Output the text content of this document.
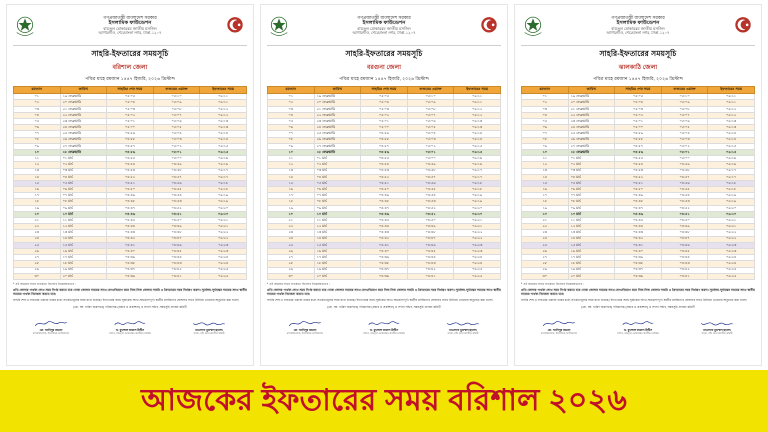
গণপ্রজাতন্ত্রী বাংলাদেশ সরকার
ইসলামিক ফাউন্ডেশন
বায়তুল মোকাররম জাতীয় মসজিদ
আগারগাঁও, শেরেবাংলা নগর, ঢাকা-১২০৭
সাহরি-ইফতারের সময়সূচি
বরিশাল জেলা
পবিত্র মাহে রমজান ১৪৪৭ হিজরি, ২০২৬ খ্রিস্টাব্দ
রমজান	তারিখ	সাহরির শেষ সময়	ফজরের ওয়াক্ত	ইফতারের সময়
০১	১৯ ফেব্রুয়ারি	০৫:০৫	০৫:১০	০৬:১১
০২	২০ ফেব্রুয়ারি	০৫:০৪	০৫:০৯	০৬:১১
০৩	২১ ফেব্রুয়ারি	০৫:০৩	০৫:০৮	০৬:১২
০৪	২২ ফেব্রুয়ারি	০৫:০২	০৫:০৭	০৬:১২
০৫	২৩ ফেব্রুয়ারি	০৫:০১	০৫:০৬	০৬:১৩
০৬	২৪ ফেব্রুয়ারি	০৫:০০	০৫:০৫	০৬:১৩
০৭	২৫ ফেব্রুয়ারি	০৪:৫৯	০৫:০৪	০৬:১৪
০৮	২৬ ফেব্রুয়ারি	০৪:৫৮	০৫:০৩	০৬:১৪
০৯	২৭ ফেব্রুয়ারি	০৪:৫৭	০৫:০২	০৬:১৫
১০	২৮ ফেব্রুয়ারি	০৪:৫৬	০৫:০১	০৬:১৫
১১	০১ মার্চ	০৪:৫৫	০৫:০০	০৬:১৬
১২	০২ মার্চ	০৪:৫৪	০৪:৫৯	০৬:১৬
১৩	০৩ মার্চ	০৪:৫৩	০৪:৫৮	০৬:১৭
১৪	০৪ মার্চ	০৪:৫২	০৪:৫৭	০৬:১৭
১৫	০৫ মার্চ	০৪:৫১	০৪:৫৬	০৬:১৮
১৬	০৬ মার্চ	০৪:৫০	০৪:৫৫	০৬:১৮
১৭	০৭ মার্চ	০৪:৪৯	০৪:৫৪	০৬:১৯
১৮	০৮ মার্চ	০৪:৪৮	০৪:৫৩	০৬:১৯
১৯	০৯ মার্চ	০৪:৪৭	০৪:৫২	০৬:২০
২০	১০ মার্চ	০৪:৪৬	০৪:৫১	০৬:২০
২১	১১ মার্চ	০৪:৪৫	০৪:৫০	০৬:২১
২২	১২ মার্চ	০৪:৪৪	০৪:৪৯	০৬:২১
২৩	১৩ মার্চ	০৪:৪৩	০৪:৪৮	০৬:২২
২৪	১৪ মার্চ	০৪:৪২	০৪:৪৭	০৬:২২
২৫	১৫ মার্চ	০৪:৪১	০৪:৪৬	০৬:২৩
২৬	১৬ মার্চ	০৪:৪০	০৪:৪৫	০৬:২৩
২৭	১৭ মার্চ	০৪:৩৯	০৪:৪৪	০৬:২৪
২৮	১৮ মার্চ	০৪:৩৮	০৪:৪৩	০৬:২৪
২৯	১৯ মার্চ	০৪:৩৭	০৪:৪২	০৬:২৫
৩০	২০ মার্চ	০৪:৩৬	০৪:৪১	০৬:২৫
* এই সময়ের সাথে সতর্কতা হিসেবে নিম্নোক্তভাবে :
প্রতি জেলার পার্থক্য দেখে সময় নির্ণয় করতে হবে। ঢাকা জেলার সময়ের সাথে যোগ/বিয়োগ করে নিজ নিজ জেলার সাহরি ও ইফতারের সময় নির্ধারণ করুন। সূর্যোদয়-সূর্যাস্তের সময়ের সাথে স্থানীয় সময়ের পার্থক্য বিবেচনা করতে হবে।
সাহরি শেষ ও ফজরের ওয়াক্ত শুরুর মধ্যে সতর্কতামূলক সময় রাখা হয়েছে। ইফতারের সময় সূর্যাস্তের সাথে সামঞ্জস্যপূর্ণ। স্থানীয় মসজিদের ঘোষণার সাথে মিলিয়ে নেওয়ার অনুরোধ করা হলো।
(মো. আ. হামিদ জমাদ্দার) পরিচালক (প্রচার ও প্রকাশনা) ও সদস্য সচিব, সময়সূচি প্রণয়ন কমিটি
মো. আনিসুর রহমান
মহাপরিচালক, ইসলামিক ফাউন্ডেশন
ড. মুহাম্মাদ কামাল উদ্দীন
খতিব, বায়তুল মোকাররম জাতীয় মসজিদ
মাওলানা মুহাম্মাদ ছালেহ
সদস্য, চাঁদ দেখা জাতীয় কমিটি
গণপ্রজাতন্ত্রী বাংলাদেশ সরকার
ইসলামিক ফাউন্ডেশন
বায়তুল মোকাররম জাতীয় মসজিদ
আগারগাঁও, শেরেবাংলা নগর, ঢাকা-১২০৭
সাহরি-ইফতারের সময়সূচি
বরগুনা জেলা
পবিত্র মাহে রমজান ১৪৪৭ হিজরি, ২০২৬ খ্রিস্টাব্দ
রমজান	তারিখ	সাহরির শেষ সময়	ফজরের ওয়াক্ত	ইফতারের সময়
০১	১৯ ফেব্রুয়ারি	০৫:০৫	০৫:১০	০৬:১১
০২	২০ ফেব্রুয়ারি	০৫:০৪	০৫:০৯	০৬:১১
০৩	২১ ফেব্রুয়ারি	০৫:০৩	০৫:০৮	০৬:১২
০৪	২২ ফেব্রুয়ারি	০৫:০২	০৫:০৭	০৬:১২
০৫	২৩ ফেব্রুয়ারি	০৫:০১	০৫:০৬	০৬:১৩
০৬	২৪ ফেব্রুয়ারি	০৫:০০	০৫:০৫	০৬:১৩
০৭	২৫ ফেব্রুয়ারি	০৪:৫৯	০৫:০৪	০৬:১৪
০৮	২৬ ফেব্রুয়ারি	০৪:৫৮	০৫:০৩	০৬:১৪
০৯	২৭ ফেব্রুয়ারি	০৪:৫৭	০৫:০২	০৬:১৫
১০	২৮ ফেব্রুয়ারি	০৪:৫৬	০৫:০১	০৬:১৫
১১	০১ মার্চ	০৪:৫৫	০৫:০০	০৬:১৬
১২	০২ মার্চ	০৪:৫৪	০৪:৫৯	০৬:১৬
১৩	০৩ মার্চ	০৪:৫৩	০৪:৫৮	০৬:১৭
১৪	০৪ মার্চ	০৪:৫২	০৪:৫৭	০৬:১৭
১৫	০৫ মার্চ	০৪:৫১	০৪:৫৬	০৬:১৮
১৬	০৬ মার্চ	০৪:৫০	০৪:৫৫	০৬:১৮
১৭	০৭ মার্চ	০৪:৪৯	০৪:৫৪	০৬:১৯
১৮	০৮ মার্চ	০৪:৪৮	০৪:৫৩	০৬:১৯
১৯	০৯ মার্চ	০৪:৪৭	০৪:৫২	০৬:২০
২০	১০ মার্চ	০৪:৪৬	০৪:৫১	০৬:২০
২১	১১ মার্চ	০৪:৪৫	০৪:৫০	০৬:২১
২২	১২ মার্চ	০৪:৪৪	০৪:৪৯	০৬:২১
২৩	১৩ মার্চ	০৪:৪৩	০৪:৪৮	০৬:২২
২৪	১৪ মার্চ	০৪:৪২	০৪:৪৭	০৬:২২
২৫	১৫ মার্চ	০৪:৪১	০৪:৪৬	০৬:২৩
২৬	১৬ মার্চ	০৪:৪০	০৪:৪৫	০৬:২৩
২৭	১৭ মার্চ	০৪:৩৯	০৪:৪৪	০৬:২৪
২৮	১৮ মার্চ	০৪:৩৮	০৪:৪৩	০৬:২৪
২৯	১৯ মার্চ	০৪:৩৭	০৪:৪২	০৬:২৫
৩০	২০ মার্চ	০৪:৩৬	০৪:৪১	০৬:২৫
* এই সময়ের সাথে সতর্কতা হিসেবে নিম্নোক্তভাবে :
প্রতি জেলার পার্থক্য দেখে সময় নির্ণয় করতে হবে। ঢাকা জেলার সময়ের সাথে যোগ/বিয়োগ করে নিজ নিজ জেলার সাহরি ও ইফতারের সময় নির্ধারণ করুন। সূর্যোদয়-সূর্যাস্তের সময়ের সাথে স্থানীয় সময়ের পার্থক্য বিবেচনা করতে হবে।
সাহরি শেষ ও ফজরের ওয়াক্ত শুরুর মধ্যে সতর্কতামূলক সময় রাখা হয়েছে। ইফতারের সময় সূর্যাস্তের সাথে সামঞ্জস্যপূর্ণ। স্থানীয় মসজিদের ঘোষণার সাথে মিলিয়ে নেওয়ার অনুরোধ করা হলো।
(মো. আ. হামিদ জমাদ্দার) পরিচালক (প্রচার ও প্রকাশনা) ও সদস্য সচিব, সময়সূচি প্রণয়ন কমিটি
মো. আনিসুর রহমান
মহাপরিচালক, ইসলামিক ফাউন্ডেশন
ড. মুহাম্মাদ কামাল উদ্দীন
খতিব, বায়তুল মোকাররম জাতীয় মসজিদ
মাওলানা মুহাম্মাদ ছালেহ
সদস্য, চাঁদ দেখা জাতীয় কমিটি
গণপ্রজাতন্ত্রী বাংলাদেশ সরকার
ইসলামিক ফাউন্ডেশন
বায়তুল মোকাররম জাতীয় মসজিদ
আগারগাঁও, শেরেবাংলা নগর, ঢাকা-১২০৭
সাহরি-ইফতারের সময়সূচি
ঝালকাঠি জেলা
পবিত্র মাহে রমজান ১৪৪৭ হিজরি, ২০২৬ খ্রিস্টাব্দ
রমজান	তারিখ	সাহরির শেষ সময়	ফজরের ওয়াক্ত	ইফতারের সময়
০১	১৯ ফেব্রুয়ারি	০৫:০৫	০৫:১০	০৬:১১
০২	২০ ফেব্রুয়ারি	০৫:০৪	০৫:০৯	০৬:১১
০৩	২১ ফেব্রুয়ারি	০৫:০৩	০৫:০৮	০৬:১২
০৪	২২ ফেব্রুয়ারি	০৫:০২	০৫:০৭	০৬:১২
০৫	২৩ ফেব্রুয়ারি	০৫:০১	০৫:০৬	০৬:১৩
০৬	২৪ ফেব্রুয়ারি	০৫:০০	০৫:০৫	০৬:১৩
০৭	২৫ ফেব্রুয়ারি	০৪:৫৯	০৫:০৪	০৬:১৪
০৮	২৬ ফেব্রুয়ারি	০৪:৫৮	০৫:০৩	০৬:১৪
০৯	২৭ ফেব্রুয়ারি	০৪:৫৭	০৫:০২	০৬:১৫
১০	২৮ ফেব্রুয়ারি	০৪:৫৬	০৫:০১	০৬:১৫
১১	০১ মার্চ	০৪:৫৫	০৫:০০	০৬:১৬
১২	০২ মার্চ	০৪:৫৪	০৪:৫৯	০৬:১৬
১৩	০৩ মার্চ	০৪:৫৩	০৪:৫৮	০৬:১৭
১৪	০৪ মার্চ	০৪:৫২	০৪:৫৭	০৬:১৭
১৫	০৫ মার্চ	০৪:৫১	০৪:৫৬	০৬:১৮
১৬	০৬ মার্চ	০৪:৫০	০৪:৫৫	০৬:১৮
১৭	০৭ মার্চ	০৪:৪৯	০৪:৫৪	০৬:১৯
১৮	০৮ মার্চ	০৪:৪৮	০৪:৫৩	০৬:১৯
১৯	০৯ মার্চ	০৪:৪৭	০৪:৫২	০৬:২০
২০	১০ মার্চ	০৪:৪৬	০৪:৫১	০৬:২০
২১	১১ মার্চ	০৪:৪৫	০৪:৫০	০৬:২১
২২	১২ মার্চ	০৪:৪৪	০৪:৪৯	০৬:২১
২৩	১৩ মার্চ	০৪:৪৩	০৪:৪৮	০৬:২২
২৪	১৪ মার্চ	০৪:৪২	০৪:৪৭	০৬:২২
২৫	১৫ মার্চ	০৪:৪১	০৪:৪৬	০৬:২৩
২৬	১৬ মার্চ	০৪:৪০	০৪:৪৫	০৬:২৩
২৭	১৭ মার্চ	০৪:৩৯	০৪:৪৪	০৬:২৪
২৮	১৮ মার্চ	০৪:৩৮	০৪:৪৩	০৬:২৪
২৯	১৯ মার্চ	০৪:৩৭	০৪:৪২	০৬:২৫
৩০	২০ মার্চ	০৪:৩৬	০৪:৪১	০৬:২৫
* এই সময়ের সাথে সতর্কতা হিসেবে নিম্নোক্তভাবে :
প্রতি জেলার পার্থক্য দেখে সময় নির্ণয় করতে হবে। ঢাকা জেলার সময়ের সাথে যোগ/বিয়োগ করে নিজ নিজ জেলার সাহরি ও ইফতারের সময় নির্ধারণ করুন। সূর্যোদয়-সূর্যাস্তের সময়ের সাথে স্থানীয় সময়ের পার্থক্য বিবেচনা করতে হবে।
সাহরি শেষ ও ফজরের ওয়াক্ত শুরুর মধ্যে সতর্কতামূলক সময় রাখা হয়েছে। ইফতারের সময় সূর্যাস্তের সাথে সামঞ্জস্যপূর্ণ। স্থানীয় মসজিদের ঘোষণার সাথে মিলিয়ে নেওয়ার অনুরোধ করা হলো।
(মো. আ. হামিদ জমাদ্দার) পরিচালক (প্রচার ও প্রকাশনা) ও সদস্য সচিব, সময়সূচি প্রণয়ন কমিটি
মো. আনিসুর রহমান
মহাপরিচালক, ইসলামিক ফাউন্ডেশন
ড. মুহাম্মাদ কামাল উদ্দীন
খতিব, বায়তুল মোকাররম জাতীয় মসজিদ
মাওলানা মুহাম্মাদ ছালেহ
সদস্য, চাঁদ দেখা জাতীয় কমিটি
আজকের ইফতারের সময় বরিশাল ২০২৬
